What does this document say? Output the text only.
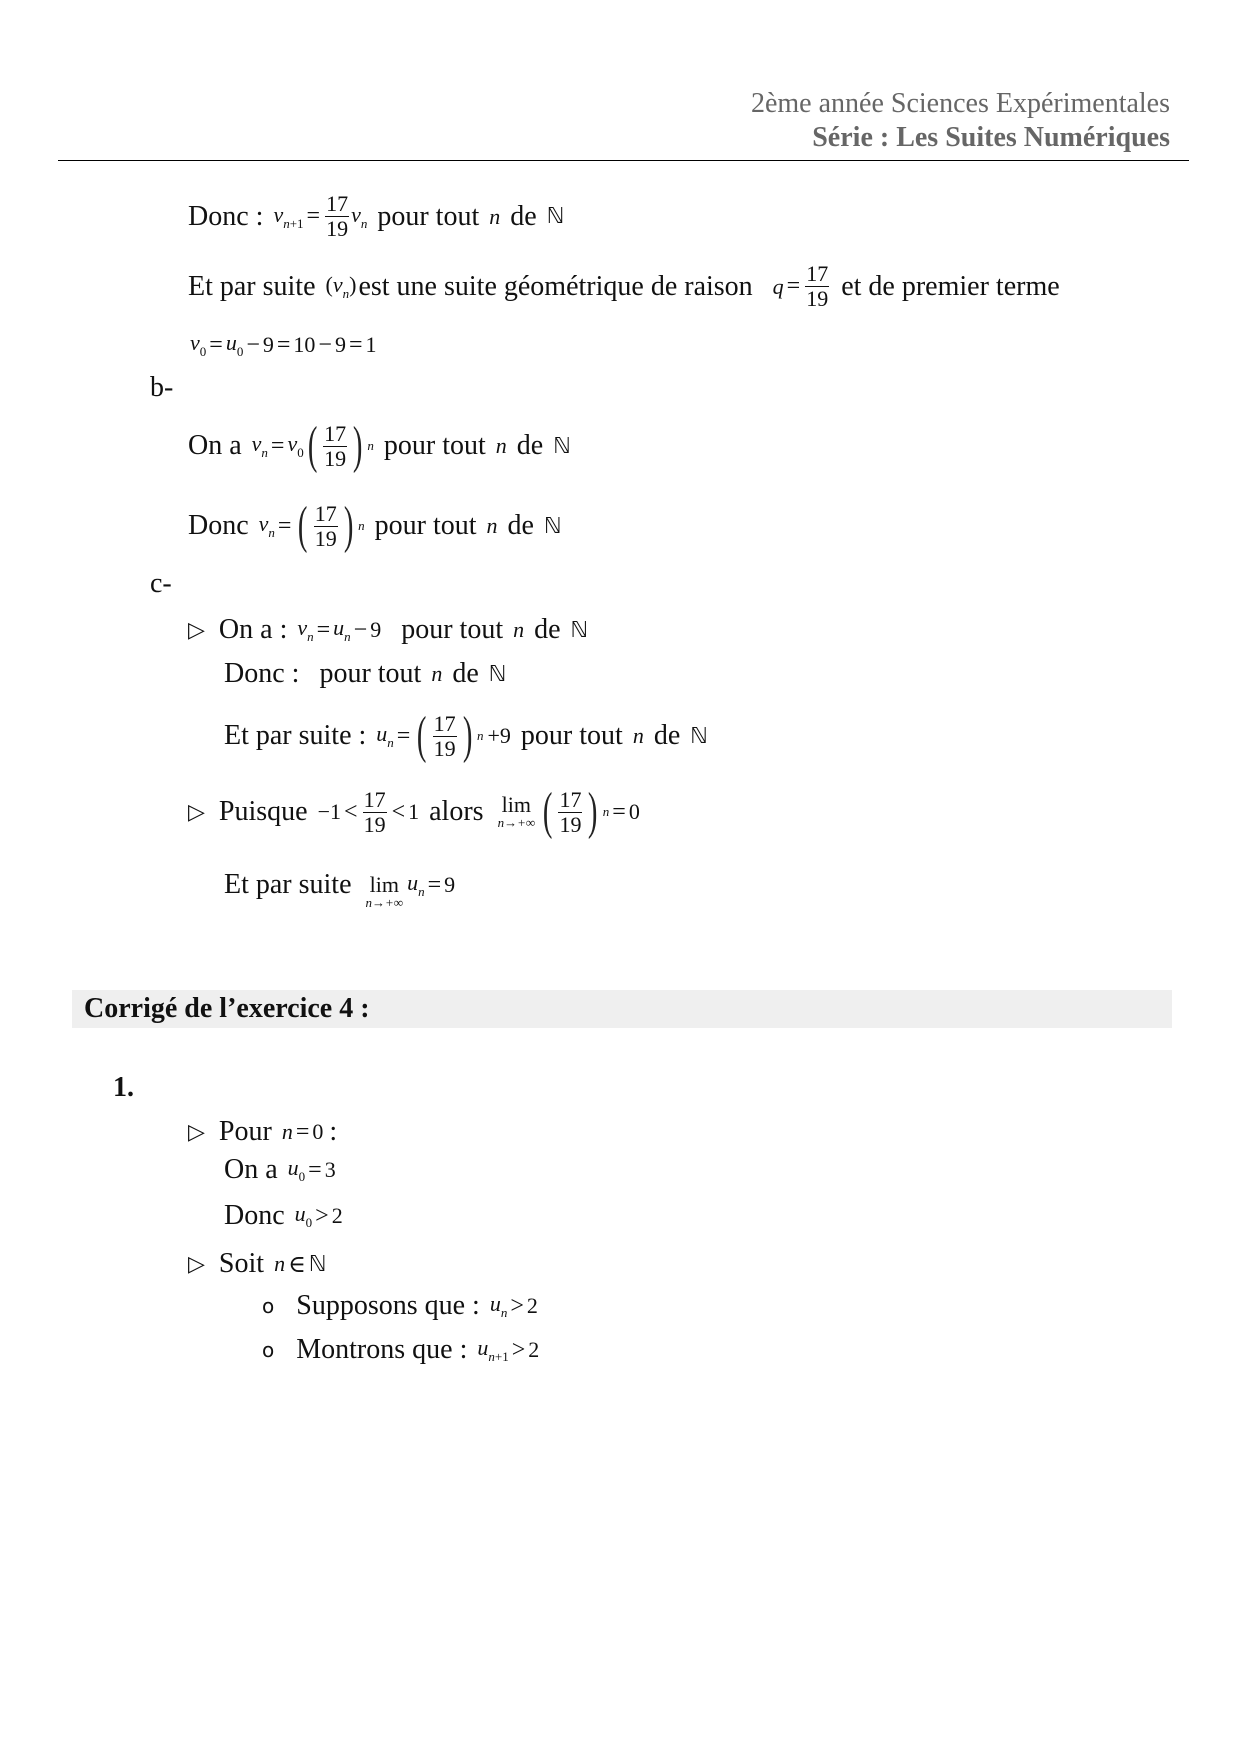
2ème année Sciences Expérimentales
Série : Les Suites Numériques
Donc : $v_{n+1} = \frac{17}{19} v_n$ pour tout n de ℕ
Et par suite $(v_n)$ est une suite géométrique de raison $q = \frac{17}{19}$ et de premier terme
$v_0 = u_0 - 9 = 10 - 9 = 1$
b-
On a $v_n = v_0$ ( $\frac{17}{19}$ ) n pour tout n de ℕ
Donc $v_n$ = ( $\frac{17}{19}$ ) n pour tout n de ℕ
c-
▷ On a : $v_n = u_n - 9$ pour tout n de ℕ
Donc : pour tout n de ℕ
Et par suite : $u_n$ = ( $\frac{17}{19}$ ) n +9 pour tout n de ℕ
▷ Puisque $-1 < \frac{17}{19} < 1$ alors lim
n→+∞ ( $\frac{17}{19}$ ) n = 0
Et par suite lim
n→+∞
$u_n = 9$
Corrigé de l’exercice 4 :
1.
▷ Pour n = 0 :
On a $u_0 = 3$
Donc $u_0 > 2$
▷ Soit n ∈ ℕ
o Supposons que : $u_n > 2$
o Montrons que : $u_{n+1} > 2$
